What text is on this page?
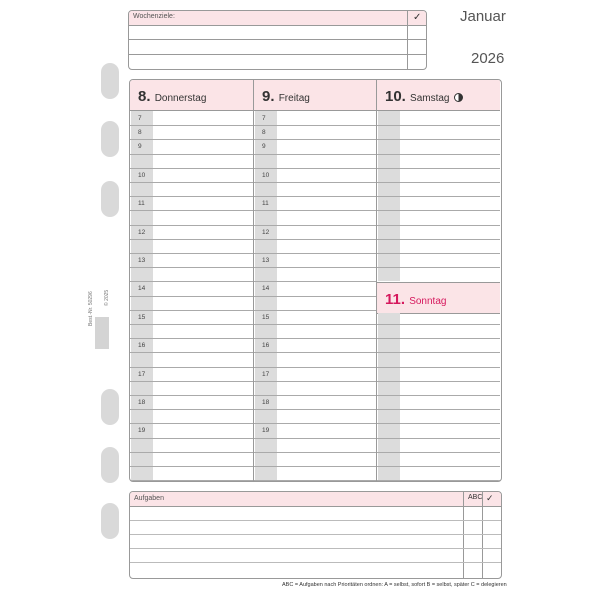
Best.-Nr. 50296 © 2025
Wochenziele:	✓	Januar
2026
8. Donnerstag
7
8
9
10
11
12
13
14
15
16
17
18
19
9. Freitag
7
8
9
10
11
12
13
14
15
16
17
18
19
10. Samstag
11. Sonntag
Aufgaben	ABC ✓
ABC = Aufgaben nach Prioritäten ordnen: A = selbst, sofort B = selbst, später C = delegieren
